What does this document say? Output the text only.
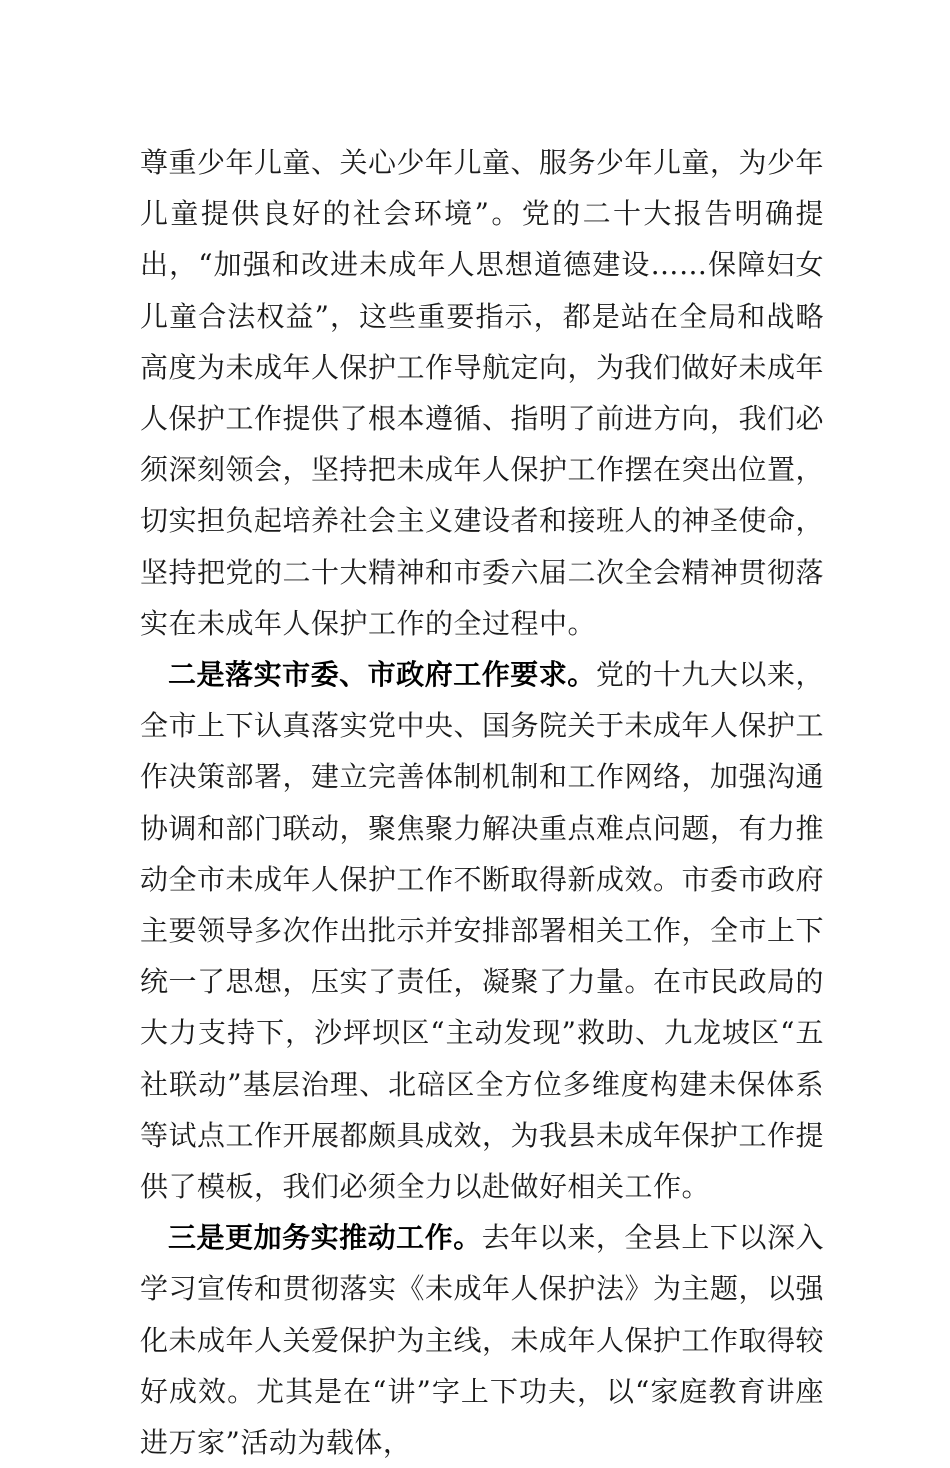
尊重少年儿童、关心少年儿童、服务少年儿童，为少年儿童提供良好的社会环境”。党的二十大报告明确提出，“加强和改进未成年人思想道德建设……保障妇女儿童合法权益”，这些重要指示，都是站在全局和战略高度为未成年人保护工作导航定向，为我们做好未成年人保护工作提供了根本遵循、指明了前进方向，我们必须深刻领会，坚持把未成年人保护工作摆在突出位置，切实担负起培养社会主义建设者和接班人的神圣使命，坚持把党的二十大精神和市委六届二次全会精神贯彻落实在未成年人保护工作的全过程中。

二是落实市委、市政府工作要求。党的十九大以来，全市上下认真落实党中央、国务院关于未成年人保护工作决策部署，建立完善体制机制和工作网络，加强沟通协调和部门联动，聚焦聚力解决重点难点问题，有力推动全市未成年人保护工作不断取得新成效。市委市政府主要领导多次作出批示并安排部署相关工作，全市上下统一了思想，压实了责任，凝聚了力量。在市民政局的大力支持下，沙坪坝区“主动发现”救助、九龙坡区“五社联动”基层治理、北碚区全方位多维度构建未保体系等试点工作开展都颇具成效，为我县未成年保护工作提供了模板，我们必须全力以赴做好相关工作。

三是更加务实推动工作。去年以来，全县上下以深入学习宣传和贯彻落实《未成年人保护法》为主题，以强化未成年人关爱保护为主线，未成年人保护工作取得较好成效。尤其是在“讲”字上下功夫，以“家庭教育讲座进万家”活动为载体，
